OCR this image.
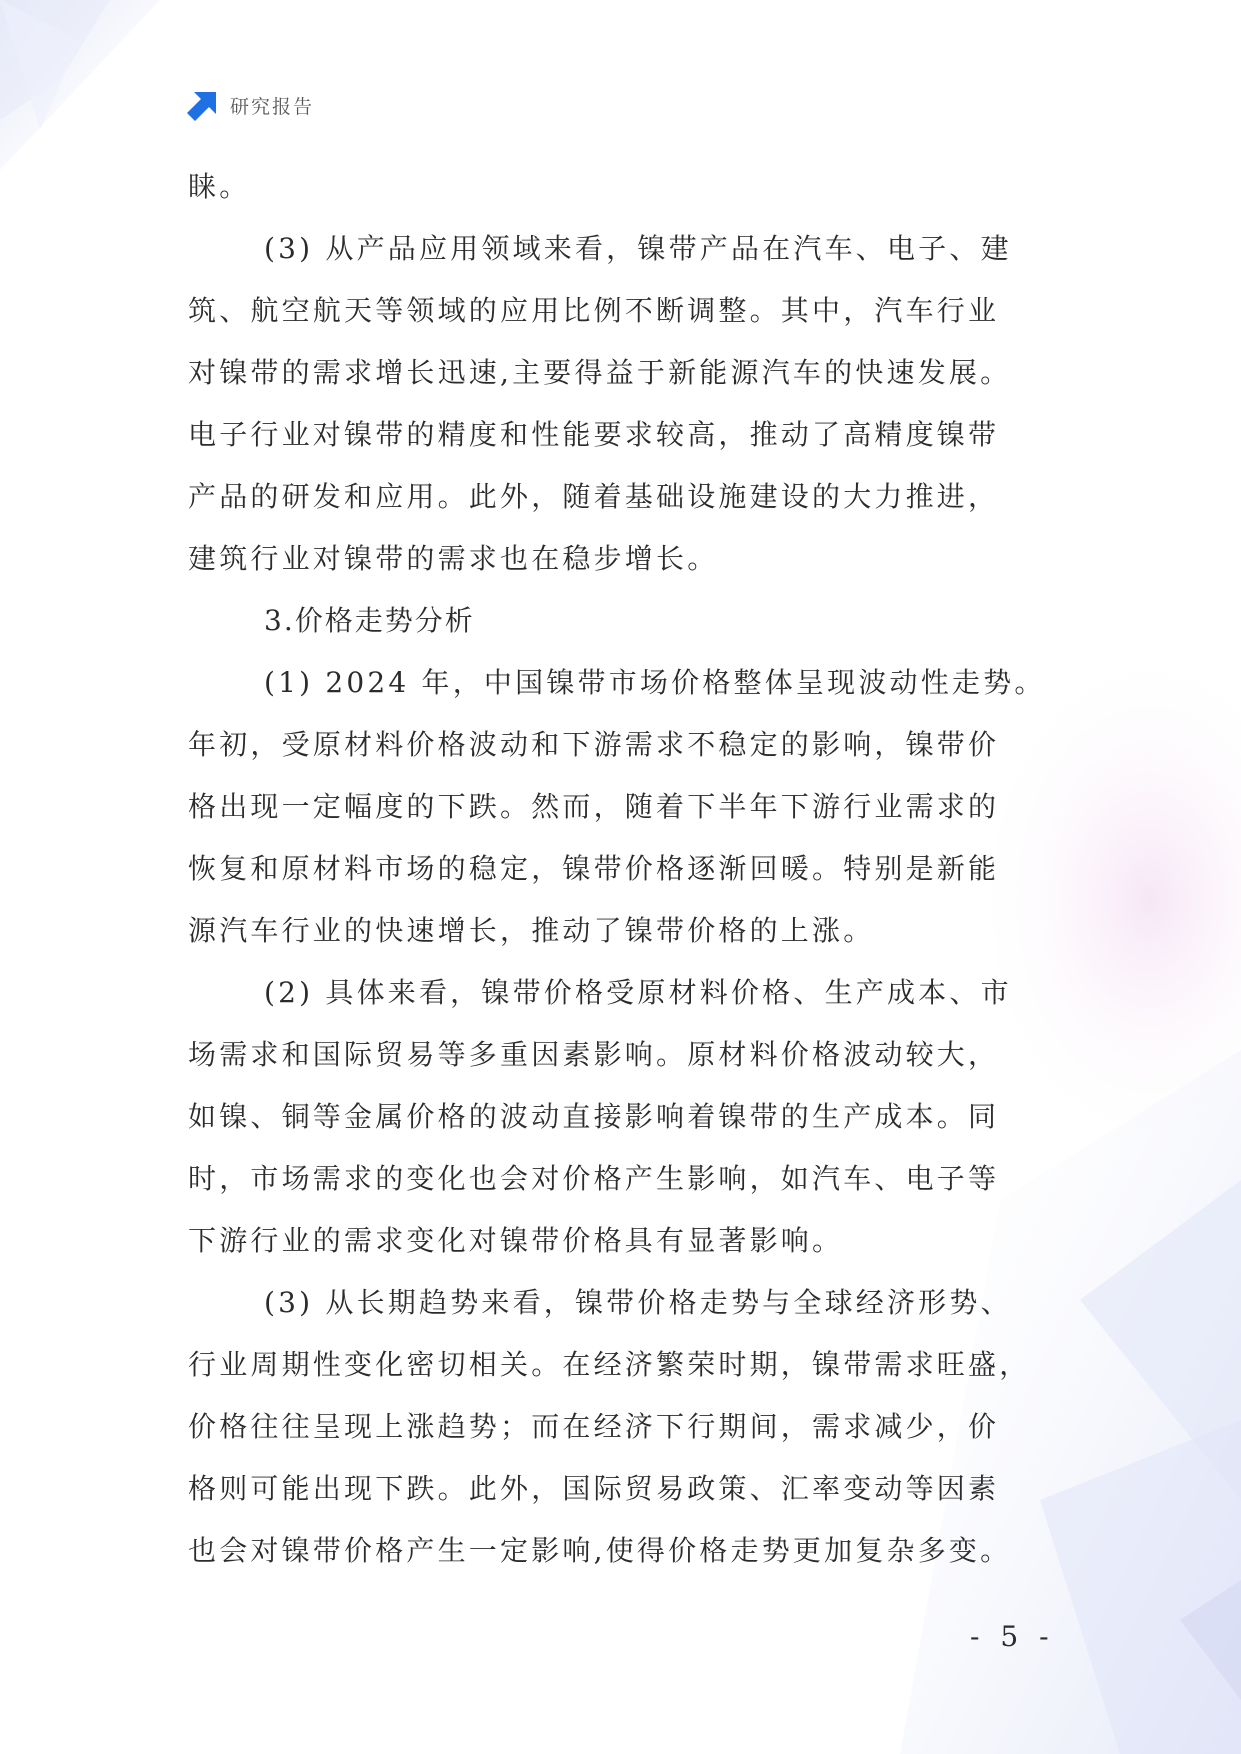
研究报告
睐。
(3) 从产品应用领域来看，镍带产品在汽车、电子、建
筑、航空航天等领域的应用比例不断调整。其中，汽车行业
对镍带的需求增长迅速,主要得益于新能源汽车的快速发展。
电子行业对镍带的精度和性能要求较高，推动了高精度镍带
产品的研发和应用。此外，随着基础设施建设的大力推进，
建筑行业对镍带的需求也在稳步增长。
3.价格走势分析
(1) 2024 年，中国镍带市场价格整体呈现波动性走势。
年初，受原材料价格波动和下游需求不稳定的影响，镍带价
格出现一定幅度的下跌。然而，随着下半年下游行业需求的
恢复和原材料市场的稳定，镍带价格逐渐回暖。特别是新能
源汽车行业的快速增长，推动了镍带价格的上涨。
(2) 具体来看，镍带价格受原材料价格、生产成本、市
场需求和国际贸易等多重因素影响。原材料价格波动较大，
如镍、铜等金属价格的波动直接影响着镍带的生产成本。同
时，市场需求的变化也会对价格产生影响，如汽车、电子等
下游行业的需求变化对镍带价格具有显著影响。
(3) 从长期趋势来看，镍带价格走势与全球经济形势、
行业周期性变化密切相关。在经济繁荣时期，镍带需求旺盛，
价格往往呈现上涨趋势；而在经济下行期间，需求减少，价
格则可能出现下跌。此外，国际贸易政策、汇率变动等因素
也会对镍带价格产生一定影响,使得价格走势更加复杂多变。
- 5 -
